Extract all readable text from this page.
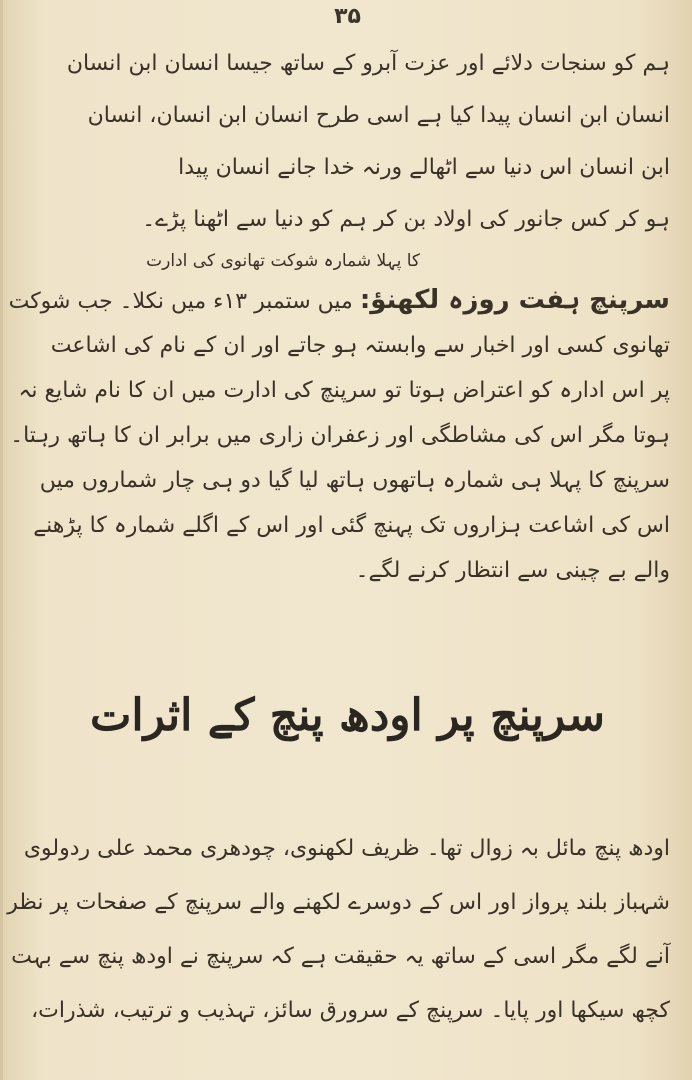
۳۵
ہم کو سنجات دلائے اور عزت آبرو کے ساتھ جیسا انسان ابن انسان
انسان ابن انسان پیدا کیا ہے اسی طرح انسان ابن انسان، انسان
ابن انسان اس دنیا سے اٹھالے ورنہ خدا جانے انسان پیدا
ہو کر کس جانور کی اولاد بن کر ہم کو دنیا سے اٹھنا پڑے۔
کا پہلا شمارہ شوکت تھانوی کی ادارت
سرپنچ ہفت روزہ لکھنؤ: میں ستمبر ۱۳ء میں نکلا۔ جب شوکت
تھانوی کسی اور اخبار سے وابستہ ہو جاتے اور ان کے نام کی اشاعت
پر اس ادارہ کو اعتراض ہوتا تو سرپنچ کی ادارت میں ان کا نام شایع نہ
ہوتا مگر اس کی مشاطگی اور زعفران زاری میں برابر ان کا ہاتھ رہتا۔
سرپنچ کا پہلا ہی شمارہ ہاتھوں ہاتھ لیا گیا دو ہی چار شماروں میں
اس کی اشاعت ہزاروں تک پہنچ گئی اور اس کے اگلے شمارہ کا پڑھنے
والے بے چینی سے انتظار کرنے لگے۔
سرپنچ پر اودھ پنچ کے اثرات
اودھ پنچ مائل بہ زوال تھا۔ ظریف لکھنوی، چودھری محمد علی ردولوی
شہباز بلند پرواز اور اس کے دوسرے لکھنے والے سرپنچ کے صفحات پر نظر
آنے لگے مگر اسی کے ساتھ یہ حقیقت ہے کہ سرپنچ نے اودھ پنچ سے بہت
کچھ سیکھا اور پایا۔ سرپنچ کے سرورق سائز، تہذیب و ترتیب، شذرات،
